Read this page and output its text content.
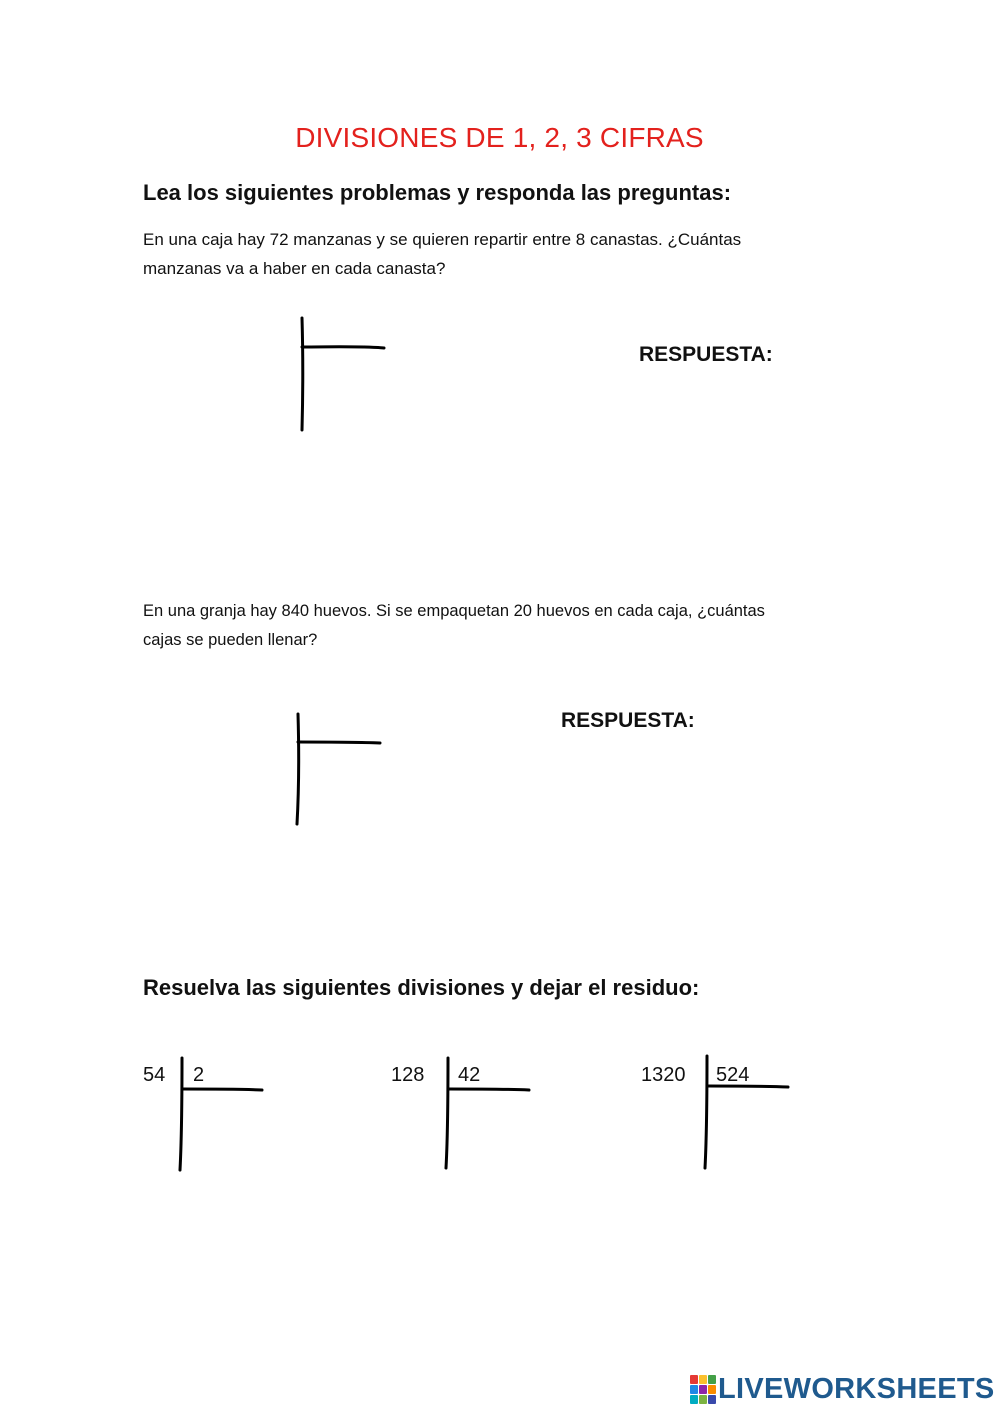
DIVISIONES DE 1, 2, 3 CIFRAS
Lea los siguientes problemas y responda las preguntas:
En una caja hay 72 manzanas y se quieren repartir entre 8 canastas. ¿Cuántas
manzanas va a haber en cada canasta?
RESPUESTA:
En una granja hay 840 huevos. Si se empaquetan 20 huevos en cada caja, ¿cuántas
cajas se pueden llenar?
RESPUESTA:
Resuelva las siguientes divisiones y dejar el residuo:
54 2	128 42	1320 524
LIVEWORKSHEETS
